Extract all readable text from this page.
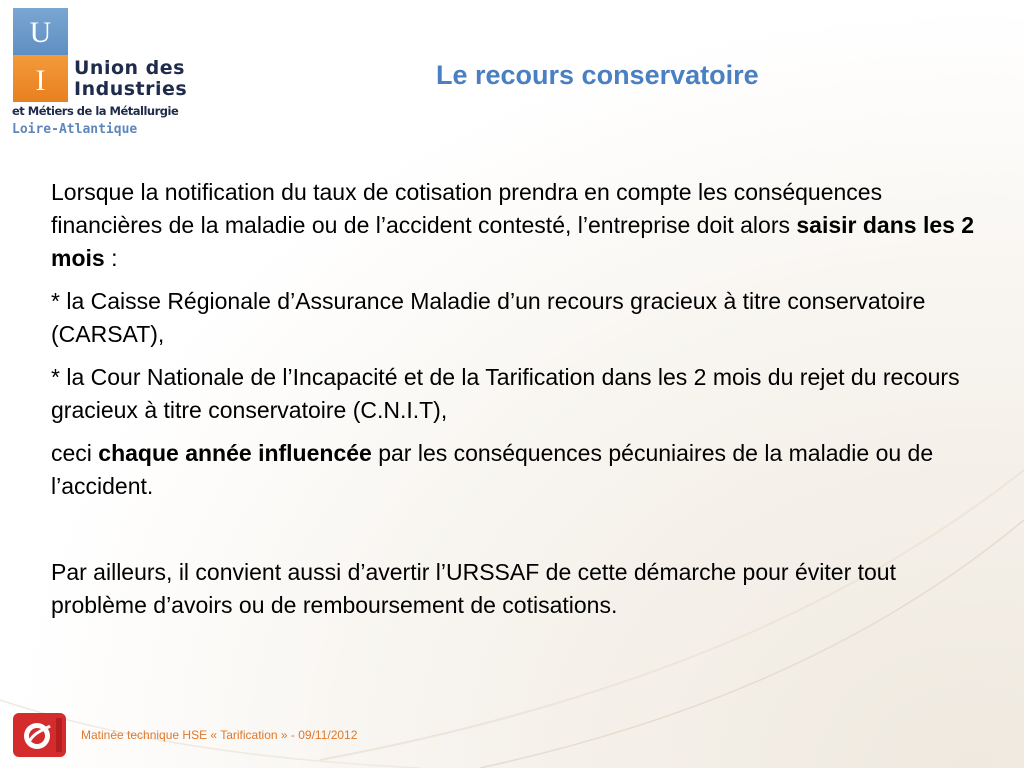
U
I	Union des
Industries
et Métiers de la Métallurgie
Loire-Atlantique
Le recours conservatoire

Lorsque la notification du taux de cotisation prendra en compte les conséquences financières de la maladie ou de l’accident contesté, l’entreprise doit alors saisir dans les 2 mois :

* la Caisse Régionale d’Assurance Maladie d’un recours gracieux à titre conservatoire (CARSAT),

* la Cour Nationale de l’Incapacité et de la Tarification dans les 2 mois du rejet du recours gracieux à titre conservatoire (C.N.I.T),

ceci chaque année influencée par les conséquences pécuniaires de la maladie ou de l’accident.

Par ailleurs, il convient aussi d’avertir l’URSSAF de cette démarche pour éviter tout problème d’avoirs ou de remboursement de cotisations.

Matinée technique HSE « Tarification » - 09/11/2012
